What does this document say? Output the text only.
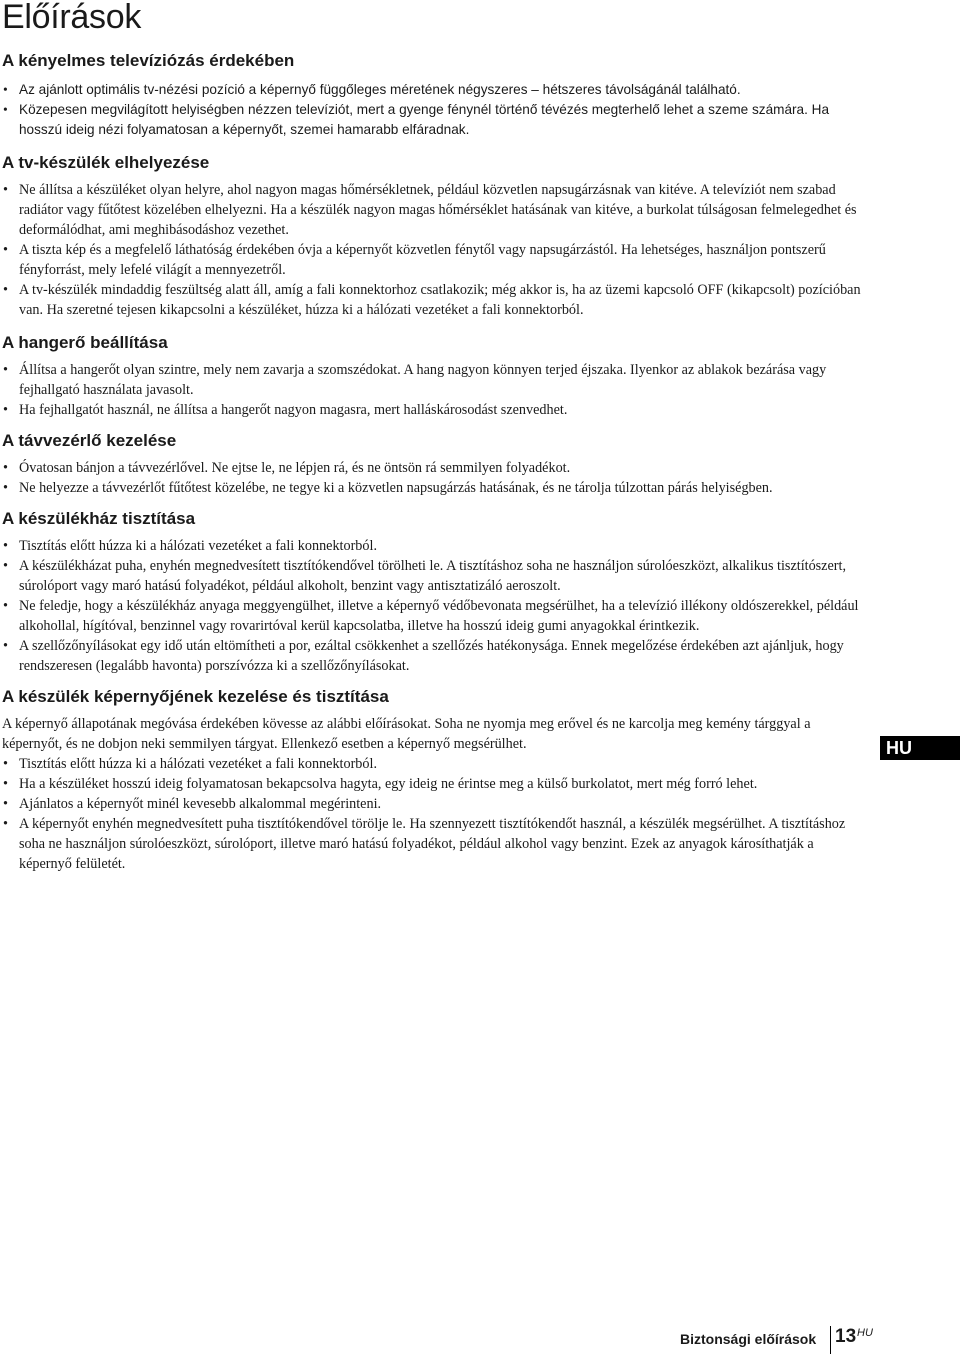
Előírások
A kényelmes televíziózás érdekében
• Az ajánlott optimális tv-nézési pozíció a képernyő függőleges méretének négyszeres – hétszeres távolságánál található.
• Közepesen megvilágított helyiségben nézzen televíziót, mert a gyenge fénynél történő tévézés megterhelő lehet a szeme számára. Ha hosszú ideig nézi folyamatosan a képernyőt, szemei hamarabb elfáradnak.
A tv-készülék elhelyezése
• Ne állítsa a készüléket olyan helyre, ahol nagyon magas hőmérsékletnek, például közvetlen napsugárzásnak van kitéve. A televíziót nem szabad radiátor vagy fűtőtest közelében elhelyezni. Ha a készülék nagyon magas hőmérséklet hatásának van kitéve, a burkolat túlságosan felmelegedhet és deformálódhat, ami meghibásodáshoz vezethet.
• A tiszta kép és a megfelelő láthatóság érdekében óvja a képernyőt közvetlen fénytől vagy napsugárzástól. Ha lehetséges, használjon pontszerű fényforrást, mely lefelé világít a mennyezetről.
• A tv-készülék mindaddig feszültség alatt áll, amíg a fali konnektorhoz csatlakozik; még akkor is, ha az üzemi kapcsoló OFF (kikapcsolt) pozícióban van. Ha szeretné tejesen kikapcsolni a készüléket, húzza ki a hálózati vezetéket a fali konnektorból.
A hangerő beállítása
• Állítsa a hangerőt olyan szintre, mely nem zavarja a szomszédokat. A hang nagyon könnyen terjed éjszaka. Ilyenkor az ablakok bezárása vagy fejhallgató használata javasolt.
• Ha fejhallgatót használ, ne állítsa a hangerőt nagyon magasra, mert halláskárosodást szenvedhet.
A távvezérlő kezelése
• Óvatosan bánjon a távvezérlővel. Ne ejtse le, ne lépjen rá, és ne öntsön rá semmilyen folyadékot.
• Ne helyezze a távvezérlőt fűtőtest közelébe, ne tegye ki a közvetlen napsugárzás hatásának, és ne tárolja túlzottan párás helyiségben.
A készülékház tisztítása
• Tisztítás előtt húzza ki a hálózati vezetéket a fali konnektorból.
• A készülékházat puha, enyhén megnedvesített tisztítókendővel törölheti le. A tisztításhoz soha ne használjon súrolóeszközt, alkalikus tisztítószert, súrolóport vagy maró hatású folyadékot, például alkoholt, benzint vagy antisztatizáló aeroszolt.
• Ne feledje, hogy a készülékház anyaga meggyengülhet, illetve a képernyő védőbevonata megsérülhet, ha a televízió illékony oldószerekkel, például alkohollal, hígítóval, benzinnel vagy rovarirtóval kerül kapcsolatba, illetve ha hosszú ideig gumi anyagokkal érintkezik.
• A szellőzőnyílásokat egy idő után eltömítheti a por, ezáltal csökkenhet a szellőzés hatékonysága. Ennek megelőzése érdekében azt ajánljuk, hogy rendszeresen (legalább havonta) porszívózza ki a szellőzőnyílásokat.
A készülék képernyőjének kezelése és tisztítása

A képernyő állapotának megóvása érdekében kövesse az alábbi előírásokat. Soha ne nyomja meg erővel és ne karcolja meg kemény tárggyal a képernyőt, és ne dobjon neki semmilyen tárgyat. Ellenkező esetben a képernyő megsérülhet.

• Tisztítás előtt húzza ki a hálózati vezetéket a fali konnektorból.
• Ha a készüléket hosszú ideig folyamatosan bekapcsolva hagyta, egy ideig ne érintse meg a külső burkolatot, mert még forró lehet.
• Ajánlatos a képernyőt minél kevesebb alkalommal megérinteni.
• A képernyőt enyhén megnedvesített puha tisztítókendővel törölje le. Ha szennyezett tisztítókendőt használ, a készülék megsérülhet. A tisztításhoz soha ne használjon súrolóeszközt, súrolóport, illetve maró hatású folyadékot, például alkohol vagy benzint. Ezek az anyagok károsíthatják a képernyő felületét.
HU
Biztonsági előírások 13 HU
